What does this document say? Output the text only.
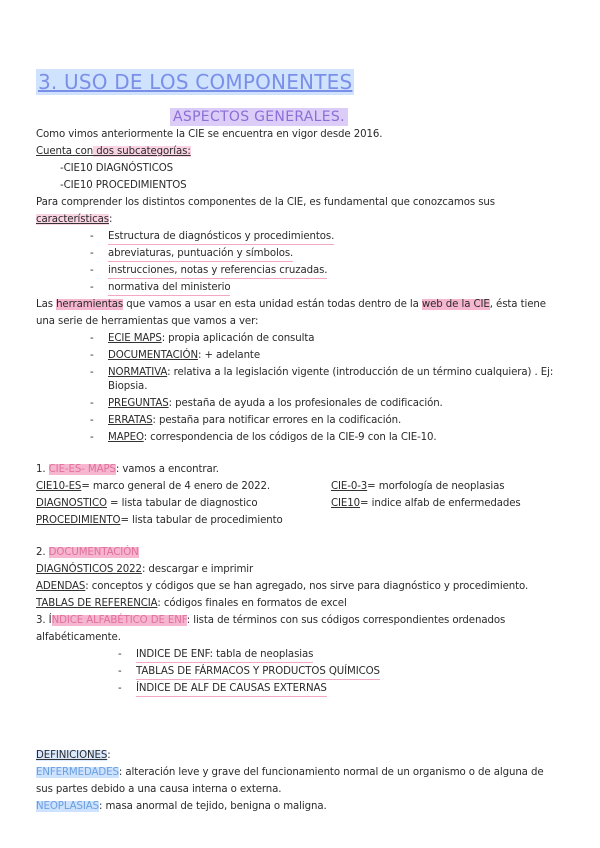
3. USO DE LOS COMPONENTES
ASPECTOS GENERALES.
Como vimos anteriormente la CIE se encuentra en vigor desde 2016.
Cuenta con dos subcategorías:
-CIE10 DIAGNÓSTICOS
-CIE10 PROCEDIMIENTOS
Para comprender los distintos componentes de la CIE, es fundamental que conozcamos sus
características:
- Estructura de diagnósticos y procedimientos.
- abreviaturas, puntuación y símbolos.
- instrucciones, notas y referencias cruzadas.
- normativa del ministerio
Las herramientas que vamos a usar en esta unidad están todas dentro de la web de la CIE, ésta tiene
una serie de herramientas que vamos a ver:
- ECIE MAPS: propia aplicación de consulta
- DOCUMENTACIÓN: + adelante
- NORMATIVA: relativa a la legislación vigente (introducción de un término cualquiera) . Ej:
Biopsia.
- PREGUNTAS: pestaña de ayuda a los profesionales de codificación.
- ERRATAS: pestaña para notificar errores en la codificación.
- MAPEO: correspondencia de los códigos de la CIE-9 con la CIE-10.
1. CIE-ES- MAPS: vamos a encontrar.
CIE10-ES= marco general de 4 enero de 2022.
DIAGNOSTICO = lista tabular de diagnostico
PROCEDIMIENTO= lista tabular de procedimiento
CIE-0-3= morfología de neoplasias
CIE10= indice alfab de enfermedades
2. DOCUMENTACIÓN
DIAGNÓSTICOS 2022: descargar e imprimir
ADENDAS: conceptos y códigos que se han agregado, nos sirve para diagnóstico y procedimiento.
TABLAS DE REFERENCIA: códigos finales en formatos de excel
3. ÍNDICE ALFABÉTICO DE ENF: lista de términos con sus códigos correspondientes ordenados
alfabéticamente.
- INDICE DE ENF: tabla de neoplasias
- TABLAS DE FÁRMACOS Y PRODUCTOS QUÍMICOS
- ÍNDICE DE ALF DE CAUSAS EXTERNAS
DEFINICIONES:
ENFERMEDADES: alteración leve y grave del funcionamiento normal de un organismo o de alguna de
sus partes debido a una causa interna o externa.
NEOPLASIAS: masa anormal de tejido, benigna o maligna.
